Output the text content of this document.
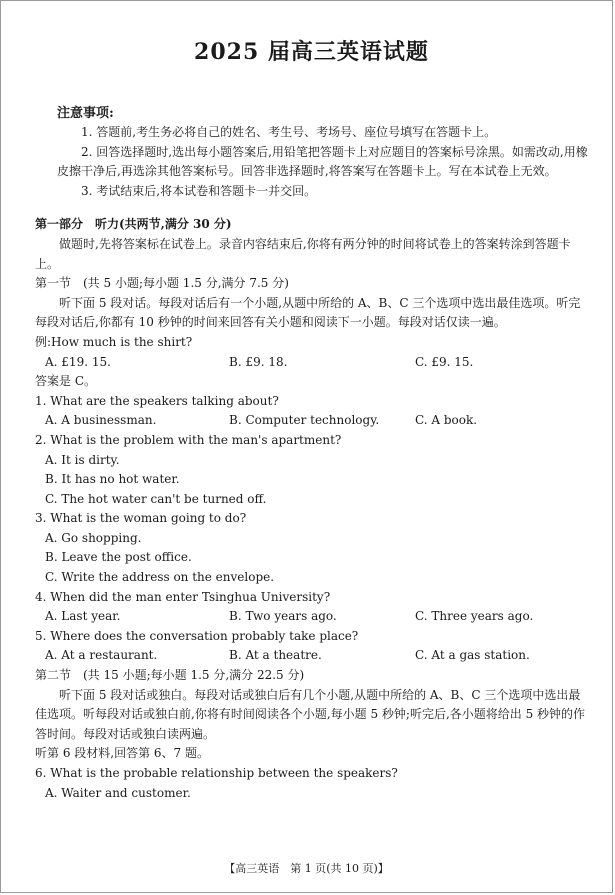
2025 届高三英语试题
注意事项:

1. 答题前,考生务必将自己的姓名、考生号、考场号、座位号填写在答题卡上。

2. 回答选择题时,选出每小题答案后,用铅笔把答题卡上对应题目的答案标号涂黑。如需改动,用橡皮擦干净后,再选涂其他答案标号。回答非选择题时,将答案写在答题卡上。写在本试卷上无效。

3. 考试结束后,将本试卷和答题卡一并交回。

第一部分　听力(共两节,满分 30 分)

做题时,先将答案标在试卷上。录音内容结束后,你将有两分钟的时间将试卷上的答案转涂到答题卡上。

第一节　(共 5 小题;每小题 1.5 分,满分 7.5 分)

听下面 5 段对话。每段对话后有一个小题,从题中所给的 A、B、C 三个选项中选出最佳选项。听完每段对话后,你都有 10 秒钟的时间来回答有关小题和阅读下一小题。每段对话仅读一遍。

例:How much is the shirt?
A. £19. 15.	B. £9. 18.	C. £9. 15.
答案是 C。
1. What are the speakers talking about?
A. A businessman.	B. Computer technology.	C. A book.
2. What is the problem with the man's apartment?
A. It is dirty.
B. It has no hot water.
C. The hot water can't be turned off.
3. What is the woman going to do?
A. Go shopping.
B. Leave the post office.
C. Write the address on the envelope.
4. When did the man enter Tsinghua University?
A. Last year.	B. Two years ago.	C. Three years ago.
5. Where does the conversation probably take place?
A. At a restaurant.	B. At a theatre.	C. At a gas station.
第二节　(共 15 小题;每小题 1.5 分,满分 22.5 分)

听下面 5 段对话或独白。每段对话或独白后有几个小题,从题中所给的 A、B、C 三个选项中选出最佳选项。听每段对话或独白前,你将有时间阅读各个小题,每小题 5 秒钟;听完后,各小题将给出 5 秒钟的作答时间。每段对话或独白读两遍。

听第 6 段材料,回答第 6、7 题。
6. What is the probable relationship between the speakers?
A. Waiter and customer.
【高三英语　第 1 页(共 10 页)】
